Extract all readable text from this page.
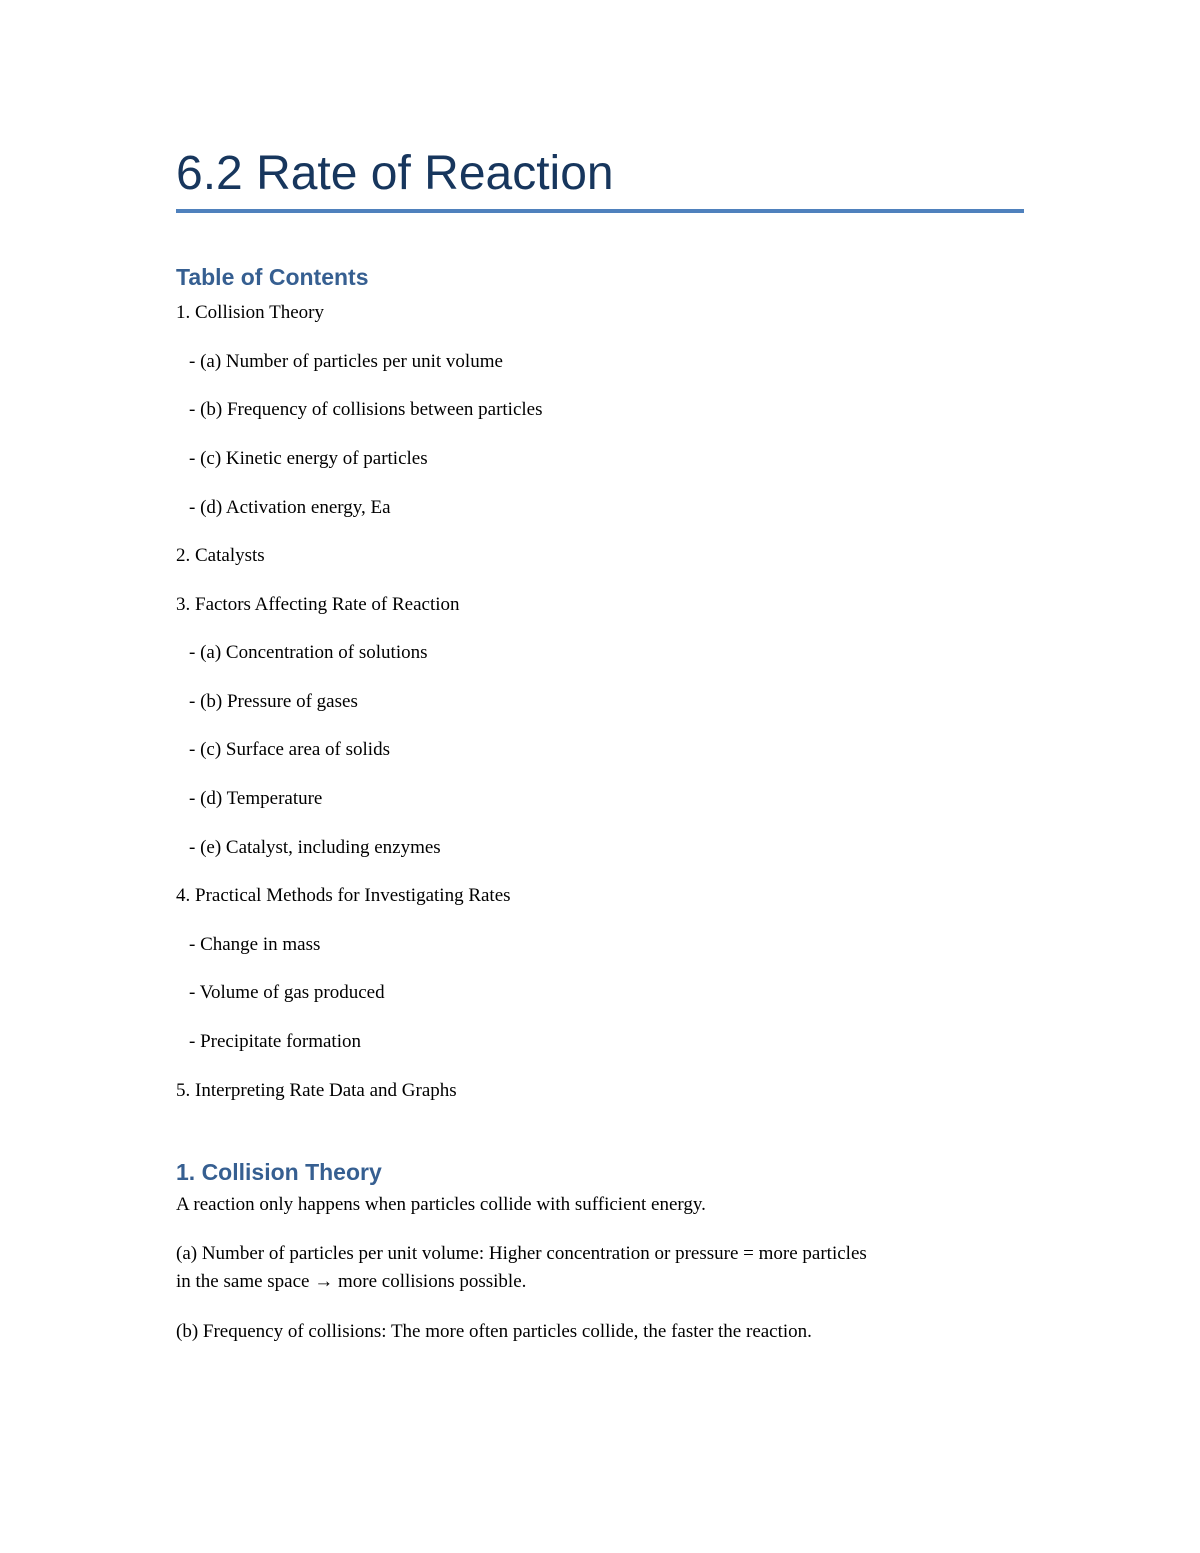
6.2 Rate of Reaction
Table of Contents

1. Collision Theory

- (a) Number of particles per unit volume

- (b) Frequency of collisions between particles

- (c) Kinetic energy of particles

- (d) Activation energy, Ea

2. Catalysts

3. Factors Affecting Rate of Reaction

- (a) Concentration of solutions

- (b) Pressure of gases

- (c) Surface area of solids

- (d) Temperature

- (e) Catalyst, including enzymes

4. Practical Methods for Investigating Rates

- Change in mass

- Volume of gas produced

- Precipitate formation

5. Interpreting Rate Data and Graphs

1. Collision Theory

A reaction only happens when particles collide with sufficient energy.

(a) Number of particles per unit volume: Higher concentration or pressure = more particles

in the same space → more collisions possible.

(b) Frequency of collisions: The more often particles collide, the faster the reaction.
